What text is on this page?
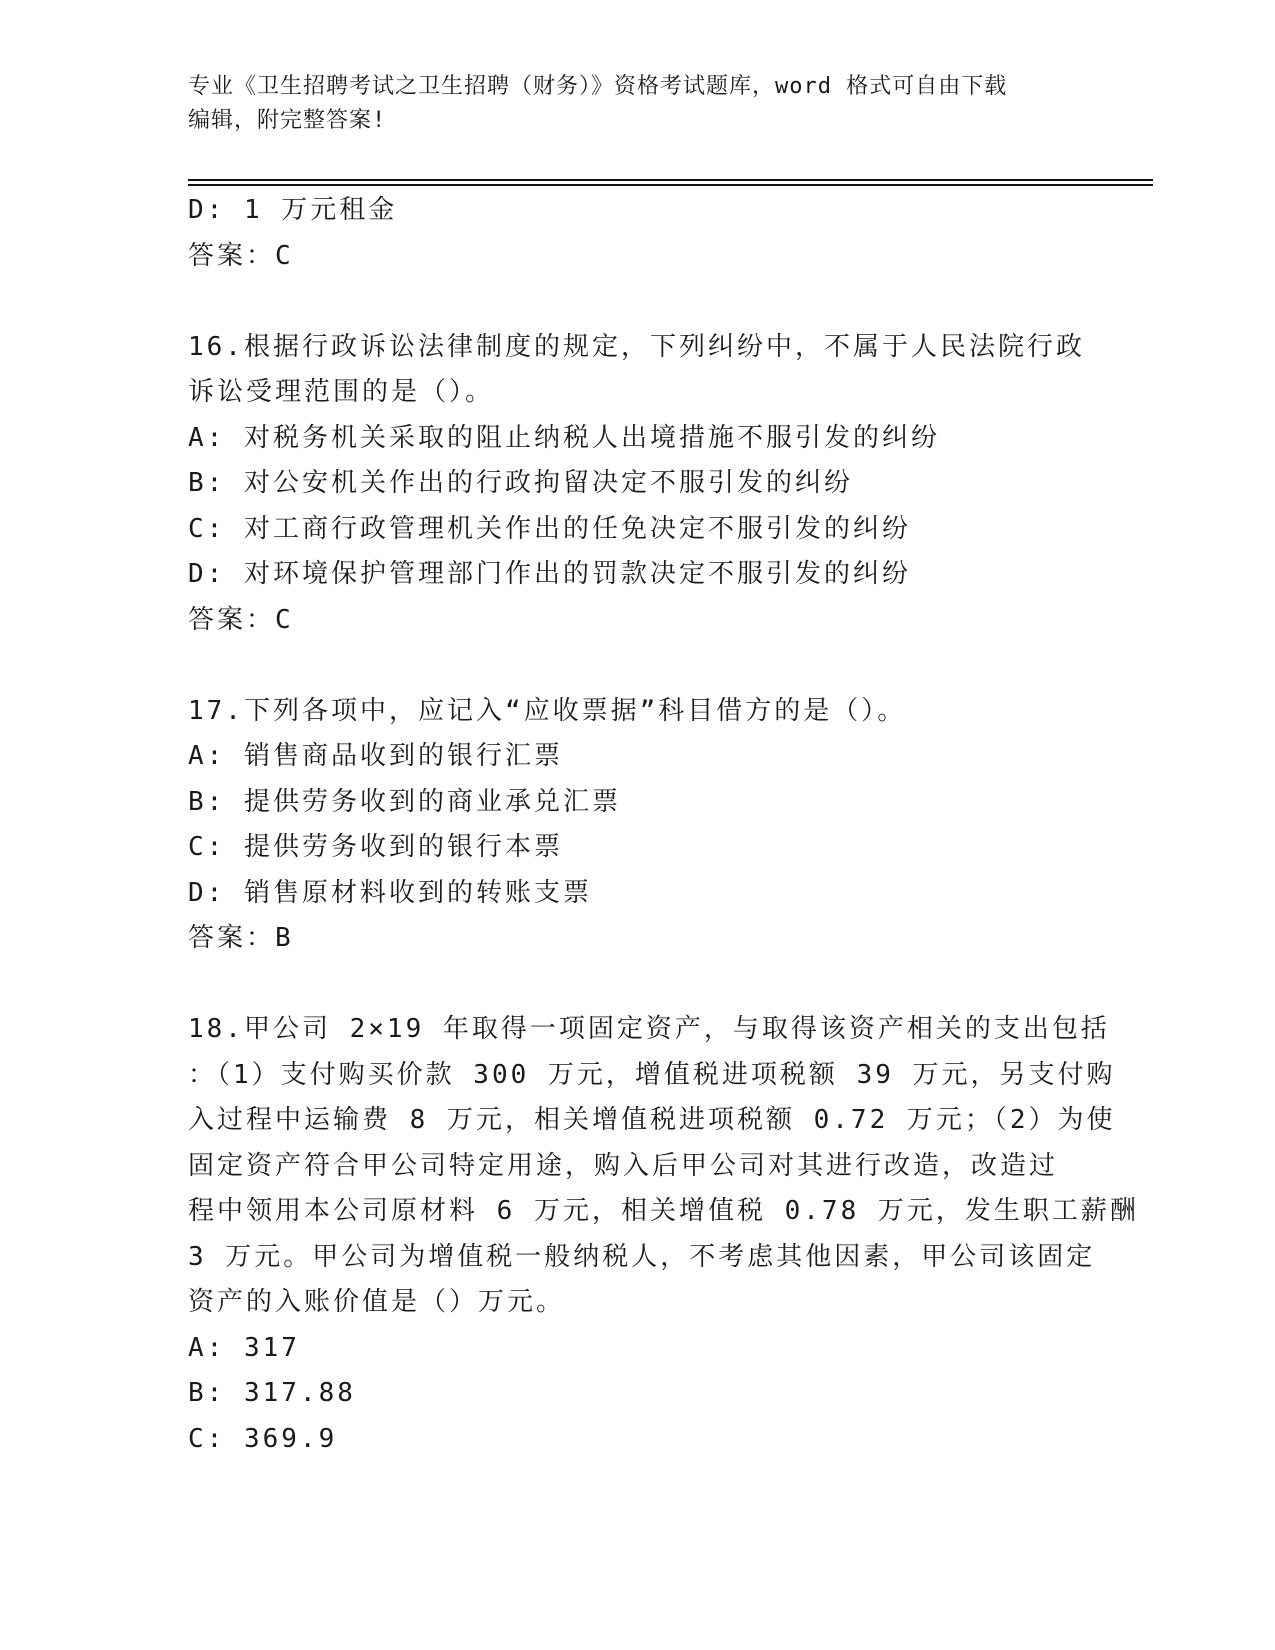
专业《卫生招聘考试之卫生招聘（财务）》资格考试题库，word 格式可自由下载
编辑，附完整答案!
D: 1 万元租金
答案：C
16.根据行政诉讼法律制度的规定，下列纠纷中，不属于人民法院行政
诉讼受理范围的是（）。
A: 对税务机关采取的阻止纳税人出境措施不服引发的纠纷
B: 对公安机关作出的行政拘留决定不服引发的纠纷
C: 对工商行政管理机关作出的任免决定不服引发的纠纷
D: 对环境保护管理部门作出的罚款决定不服引发的纠纷
答案：C
17.下列各项中，应记入“应收票据”科目借方的是（）。
A: 销售商品收到的银行汇票
B: 提供劳务收到的商业承兑汇票
C: 提供劳务收到的银行本票
D: 销售原材料收到的转账支票
答案：B
18.甲公司 2×19 年取得一项固定资产，与取得该资产相关的支出包括
：（1）支付购买价款 300 万元，增值税进项税额 39 万元，另支付购
入过程中运输费 8 万元，相关增值税进项税额 0.72 万元；（2）为使
固定资产符合甲公司特定用途，购入后甲公司对其进行改造，改造过
程中领用本公司原材料 6 万元，相关增值税 0.78 万元，发生职工薪酬
3 万元。甲公司为增值税一般纳税人，不考虑其他因素，甲公司该固定
资产的入账价值是（）万元。
A: 317
B: 317.88
C: 369.9
